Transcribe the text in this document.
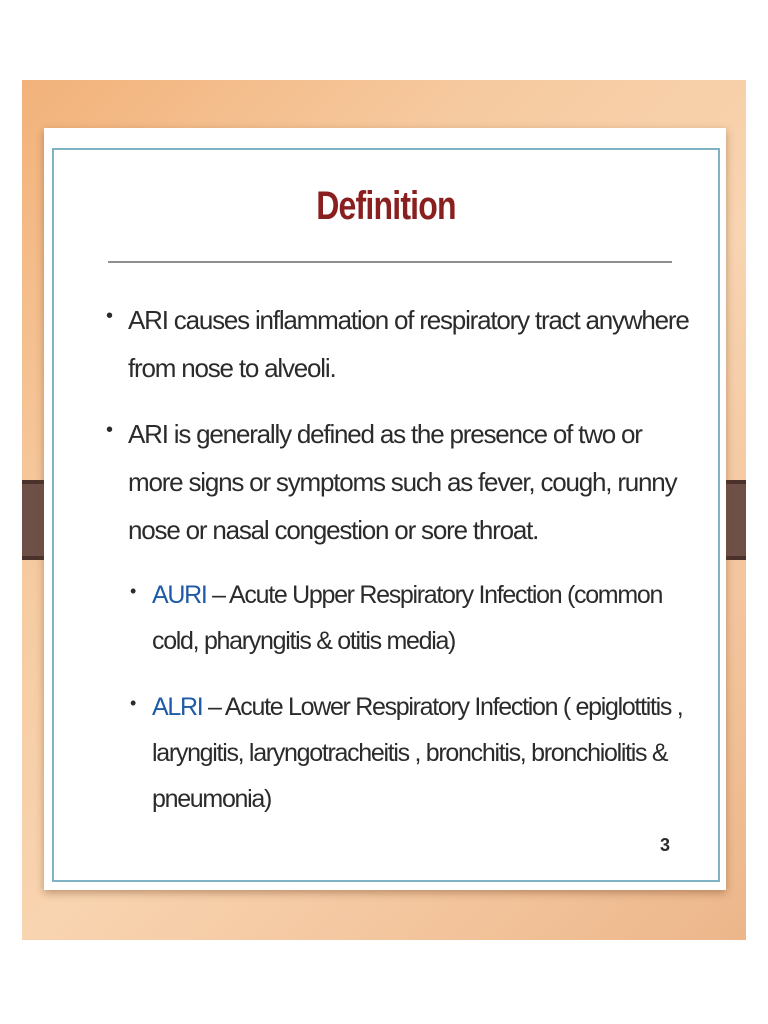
Definition
• ARI causes inflammation of respiratory tract anywhere from nose to alveoli.
• ARI is generally defined as the presence of two or more signs or symptoms such as fever, cough, runny nose or nasal congestion or sore throat.
• AURI – Acute Upper Respiratory Infection (common cold, pharyngitis & otitis media)
• ALRI – Acute Lower Respiratory Infection ( epiglottitis , laryngitis, laryngotracheitis , bronchitis, bronchiolitis & pneumonia)
3
